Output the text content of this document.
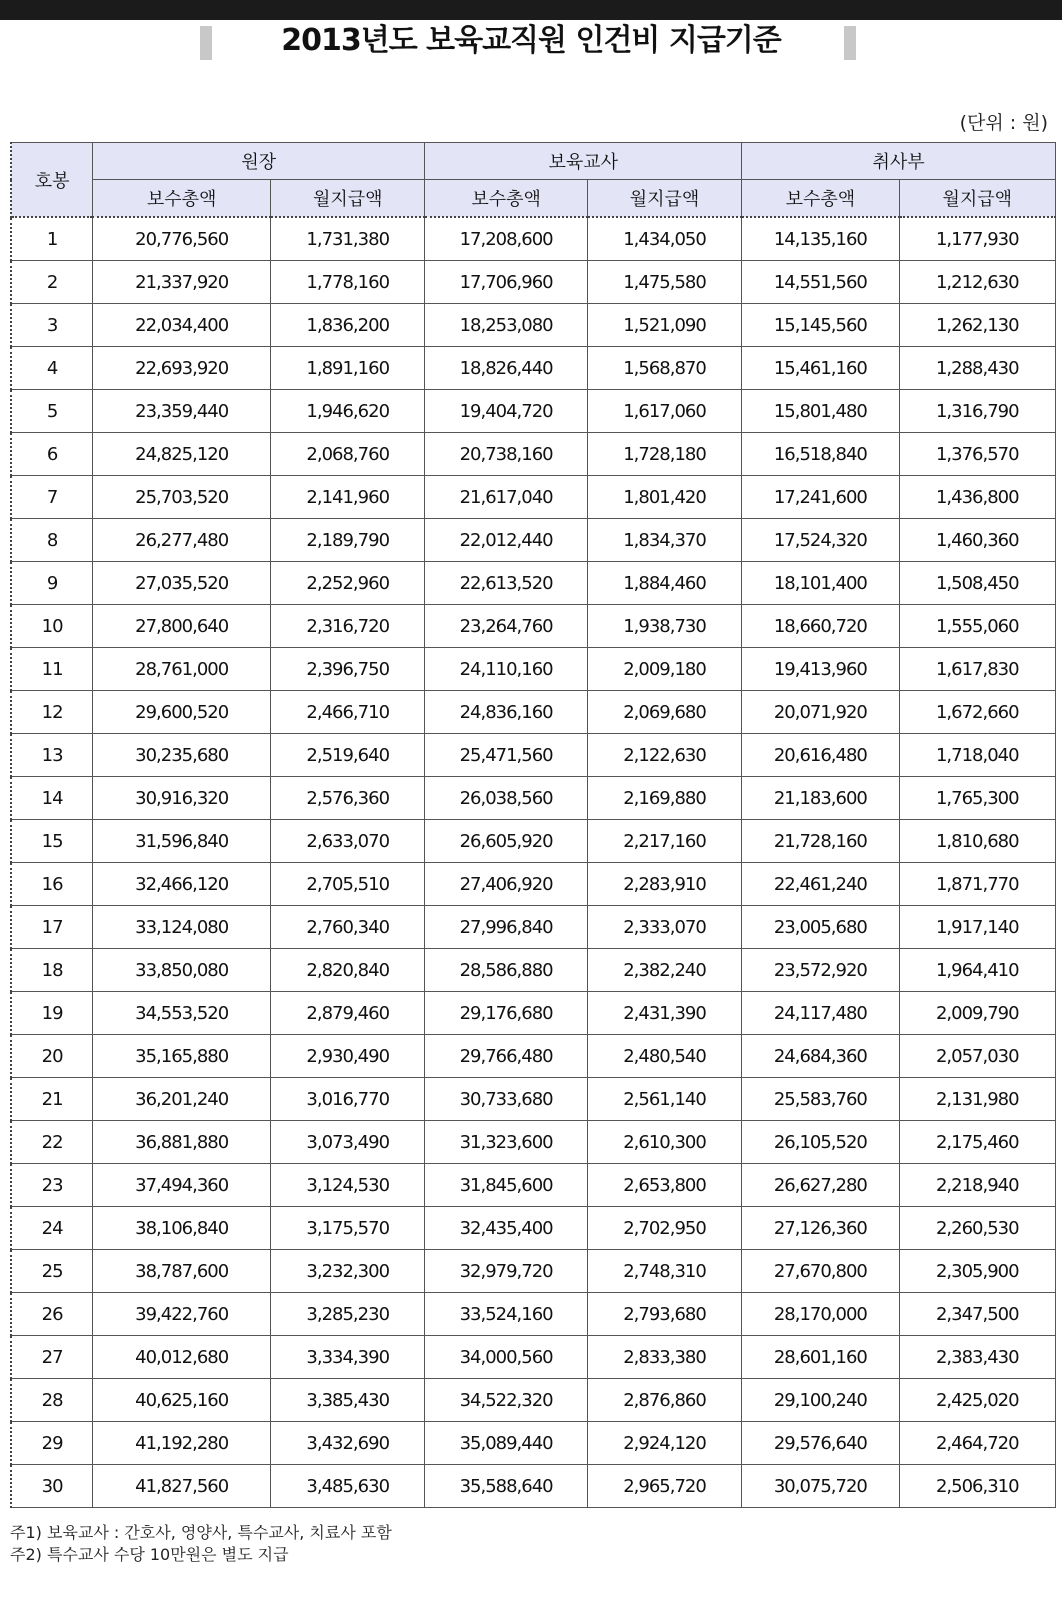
2013년도 보육교직원 인건비 지급기준
(단위 : 원)
호봉	원장		보육교사		취사부	
	보수총액	월지급액	보수총액	월지급액	보수총액	월지급액
1	20,776,560	1,731,380	17,208,600	1,434,050	14,135,160	1,177,930
2	21,337,920	1,778,160	17,706,960	1,475,580	14,551,560	1,212,630
3	22,034,400	1,836,200	18,253,080	1,521,090	15,145,560	1,262,130
4	22,693,920	1,891,160	18,826,440	1,568,870	15,461,160	1,288,430
5	23,359,440	1,946,620	19,404,720	1,617,060	15,801,480	1,316,790
6	24,825,120	2,068,760	20,738,160	1,728,180	16,518,840	1,376,570
7	25,703,520	2,141,960	21,617,040	1,801,420	17,241,600	1,436,800
8	26,277,480	2,189,790	22,012,440	1,834,370	17,524,320	1,460,360
9	27,035,520	2,252,960	22,613,520	1,884,460	18,101,400	1,508,450
10	27,800,640	2,316,720	23,264,760	1,938,730	18,660,720	1,555,060
11	28,761,000	2,396,750	24,110,160	2,009,180	19,413,960	1,617,830
12	29,600,520	2,466,710	24,836,160	2,069,680	20,071,920	1,672,660
13	30,235,680	2,519,640	25,471,560	2,122,630	20,616,480	1,718,040
14	30,916,320	2,576,360	26,038,560	2,169,880	21,183,600	1,765,300
15	31,596,840	2,633,070	26,605,920	2,217,160	21,728,160	1,810,680
16	32,466,120	2,705,510	27,406,920	2,283,910	22,461,240	1,871,770
17	33,124,080	2,760,340	27,996,840	2,333,070	23,005,680	1,917,140
18	33,850,080	2,820,840	28,586,880	2,382,240	23,572,920	1,964,410
19	34,553,520	2,879,460	29,176,680	2,431,390	24,117,480	2,009,790
20	35,165,880	2,930,490	29,766,480	2,480,540	24,684,360	2,057,030
21	36,201,240	3,016,770	30,733,680	2,561,140	25,583,760	2,131,980
22	36,881,880	3,073,490	31,323,600	2,610,300	26,105,520	2,175,460
23	37,494,360	3,124,530	31,845,600	2,653,800	26,627,280	2,218,940
24	38,106,840	3,175,570	32,435,400	2,702,950	27,126,360	2,260,530
25	38,787,600	3,232,300	32,979,720	2,748,310	27,670,800	2,305,900
26	39,422,760	3,285,230	33,524,160	2,793,680	28,170,000	2,347,500
27	40,012,680	3,334,390	34,000,560	2,833,380	28,601,160	2,383,430
28	40,625,160	3,385,430	34,522,320	2,876,860	29,100,240	2,425,020
29	41,192,280	3,432,690	35,089,440	2,924,120	29,576,640	2,464,720
30	41,827,560	3,485,630	35,588,640	2,965,720	30,075,720	2,506,310
주1) 보육교사 : 간호사, 영양사, 특수교사, 치료사 포함
주2) 특수교사 수당 10만원은 별도 지급
